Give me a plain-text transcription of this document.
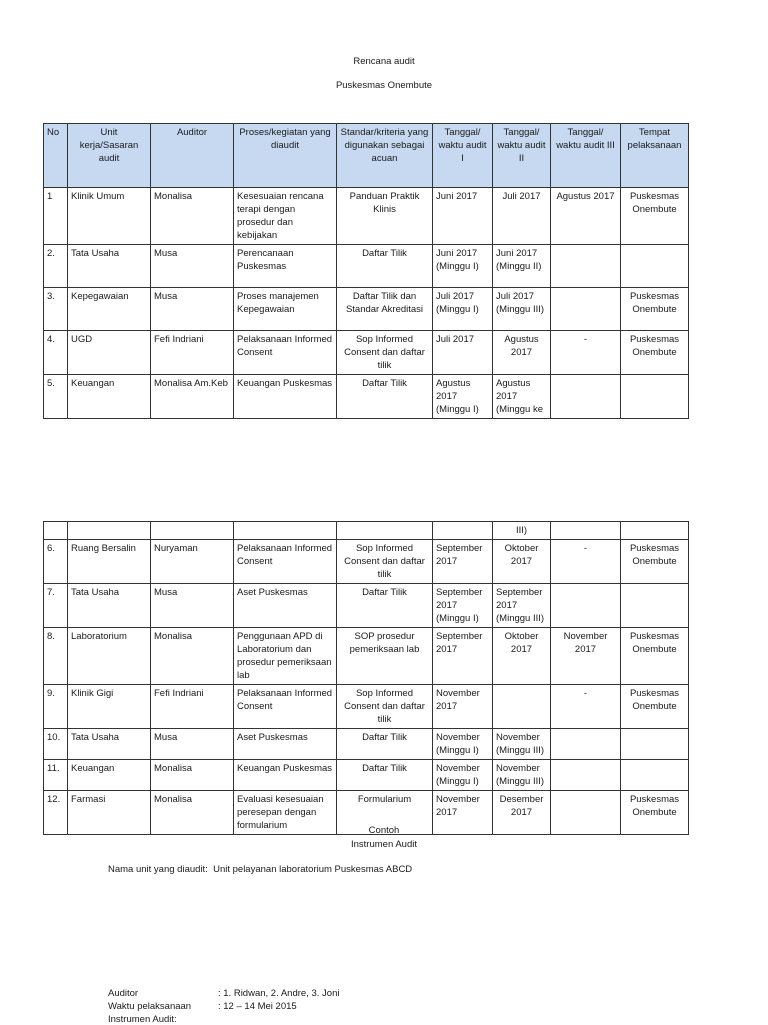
Rencana audit
Puskesmas Onembute
No	Unit kerja/Sasaran audit	Auditor	Proses/kegiatan yang diaudit	Standar/kriteria yang digunakan sebagai acuan	Tanggal/ waktu audit I	Tanggal/ waktu audit II	Tanggal/ waktu audit III	Tempat pelaksanaan
1	Klinik Umum	Monalisa	Kesesuaian rencana terapi dengan prosedur dan kebijakan	Panduan Praktik Klinis	Juni 2017	Juli 2017	Agustus 2017	Puskesmas Onembute
2.	Tata Usaha	Musa	Perencanaan Puskesmas	Daftar Tilik	Juni 2017 (Minggu I)	Juni 2017 (Minggu II)		
3.	Kepegawaian	Musa	Proses manajemen Kepegawaian	Daftar Tilik dan Standar Akreditasi	Juli 2017 (Minggu I)	Juli 2017 (Minggu III)		Puskesmas Onembute
4.	UGD	Fefi Indriani	Pelaksanaan Informed Consent	Sop Informed Consent dan daftar tilik	Juli 2017	Agustus 2017	-	Puskesmas Onembute
5.	Keuangan	Monalisa Am.Keb	Keuangan Puskesmas	Daftar Tilik	Agustus 2017 (Minggu I)	Agustus 2017 (Minggu ke		
						III)		
6.	Ruang Bersalin	Nuryaman	Pelaksanaan Informed Consent	Sop Informed Consent dan daftar tilik	September 2017	Oktober 2017	-	Puskesmas Onembute
7.	Tata Usaha	Musa	Aset Puskesmas	Daftar Tilik	September 2017 (Minggu I)	September 2017 (Minggu III)		
8.	Laboratorium	Monalisa	Penggunaan APD di Laboratorium dan prosedur pemeriksaan lab	SOP prosedur pemeriksaan lab	September 2017	Oktober 2017	November 2017	Puskesmas Onembute
9.	Klinik Gigi	Fefi Indriani	Pelaksanaan Informed Consent	Sop Informed Consent dan daftar tilik	November 2017		-	Puskesmas Onembute
10.	Tata Usaha	Musa	Aset Puskesmas	Daftar Tilik	November (Minggu I)	November (Minggu III)		
11.	Keuangan	Monalisa	Keuangan Puskesmas	Daftar Tilik	November (Minggu I)	November (Minggu III)		
12.	Farmasi	Monalisa	Evaluasi kesesuaian peresepan dengan formularium	Formularium	November 2017	Desember 2017		Puskesmas Onembute
Contoh
Instrumen Audit
Nama unit yang diaudit: Unit pelayanan laboratorium Puskesmas ABCD
Auditor	: 1. Ridwan, 2. Andre, 3. Joni
Waktu pelaksanaan	: 12 – 14 Mei 2015
Instrumen Audit:
